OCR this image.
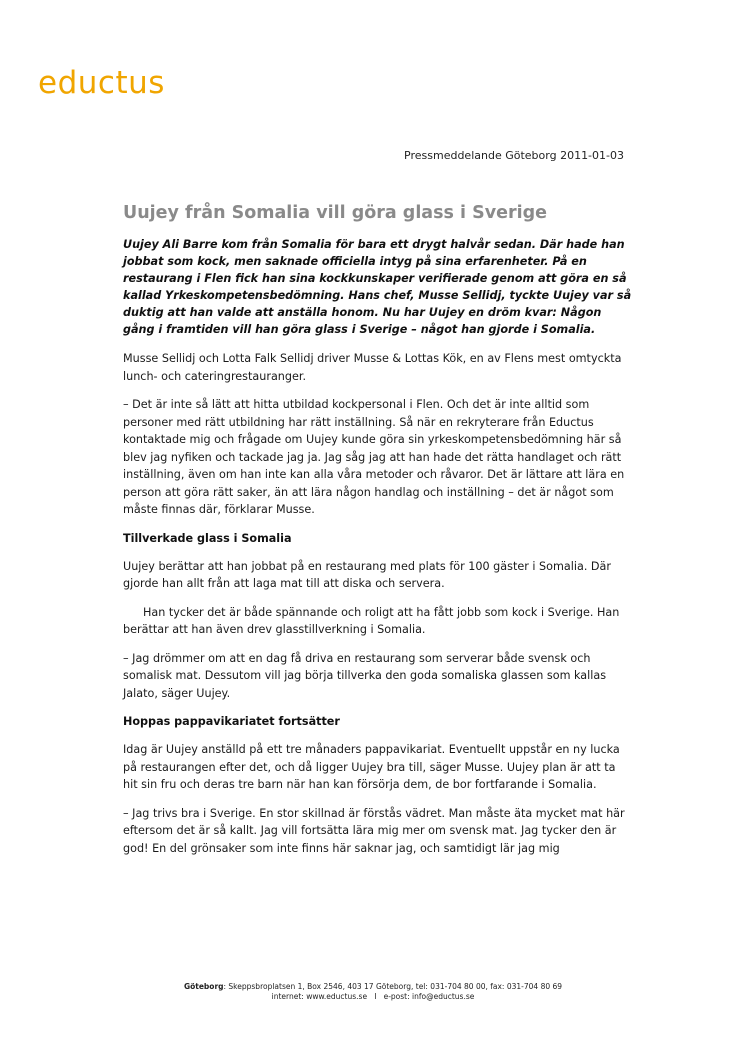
eductus
Pressmeddelande Göteborg 2011-01-03
Uujey från Somalia vill göra glass i Sverige

Uujey Ali Barre kom från Somalia för bara ett drygt halvår sedan. Där hade han jobbat som kock, men saknade officiella intyg på sina erfarenheter. På en restaurang i Flen fick han sina kockkunskaper verifierade genom att göra en så kallad Yrkeskompetensbedömning. Hans chef, Musse Sellidj, tyckte Uujey var så duktig att han valde att anställa honom. Nu har Uujey en dröm kvar: Någon gång i framtiden vill han göra glass i Sverige – något han gjorde i Somalia.

Musse Sellidj och Lotta Falk Sellidj driver Musse & Lottas Kök, en av Flens mest omtyckta lunch- och cateringrestauranger.

– Det är inte så lätt att hitta utbildad kockpersonal i Flen. Och det är inte alltid som personer med rätt utbildning har rätt inställning. Så när en rekryterare från Eductus kontaktade mig och frågade om Uujey kunde göra sin yrkeskompetensbedömning här så blev jag nyfiken och tackade jag ja. Jag såg jag att han hade det rätta handlaget och rätt inställning, även om han inte kan alla våra metoder och råvaror. Det är lättare att lära en person att göra rätt saker, än att lära någon handlag och inställning – det är något som måste finnas där, förklarar Musse.

Tillverkade glass i Somalia

Uujey berättar att han jobbat på en restaurang med plats för 100 gäster i Somalia. Där gjorde han allt från att laga mat till att diska och servera.

Han tycker det är både spännande och roligt att ha fått jobb som kock i Sverige. Han berättar att han även drev glasstillverkning i Somalia.

– Jag drömmer om att en dag få driva en restaurang som serverar både svensk och somalisk mat. Dessutom vill jag börja tillverka den goda somaliska glassen som kallas Jalato, säger Uujey.

Hoppas pappavikariatet fortsätter

Idag är Uujey anställd på ett tre månaders pappavikariat. Eventuellt uppstår en ny lucka på restaurangen efter det, och då ligger Uujey bra till, säger Musse. Uujey plan är att ta hit sin fru och deras tre barn när han kan försörja dem, de bor fortfarande i Somalia.

– Jag trivs bra i Sverige. En stor skillnad är förstås vädret. Man måste äta mycket mat här eftersom det är så kallt. Jag vill fortsätta lära mig mer om svensk mat. Jag tycker den är god! En del grönsaker som inte finns här saknar jag, och samtidigt lär jag mig

Göteborg: Skeppsbroplatsen 1, Box 2546, 403 17 Göteborg, tel: 031-704 80 00, fax: 031-704 80 69
internet: www.eductus.se I e-post: info@eductus.se
